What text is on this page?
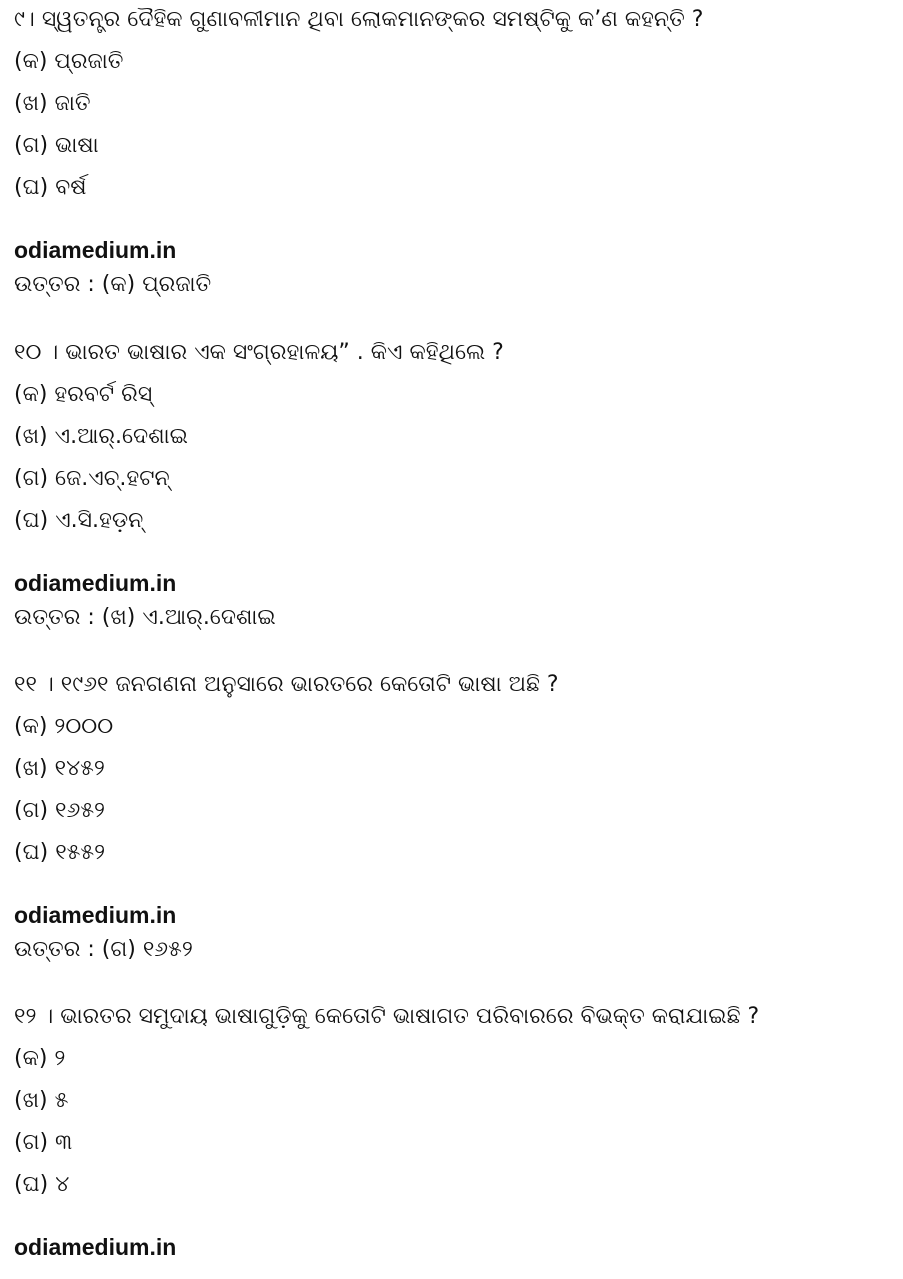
୯। ସ୍ୱତନ୍ତ୍ର ଦୈହିକ ଗୁଣାବଳୀମାନ ଥିବା ଲୋକମାନଙ୍କର ସମଷ୍ଟିକୁ କ’ଣ କହନ୍ତି ?
(କ) ପ୍ରଜାତି
(ଖ) ଜାତି
(ଗ) ଭାଷା
(ଘ) ବର୍ଷ
odiamedium.in
ଉତ୍ତର : (କ) ପ୍ରଜାତି
୧୦ । ଭାରତ ଭାଷାର ଏକ ସଂଗ୍ରହାଳୟ” . କିଏ କହିଥିଲେ ?
(କ) ହରବର୍ଟ ରିସ୍
(ଖ) ଏ.ଆର୍.ଦେଶାଇ
(ଗ) ଜେ.ଏଚ୍.ହଟନ୍
(ଘ) ଏ.ସି.ହଡ଼ନ୍
odiamedium.in
ଉତ୍ତର : (ଖ) ଏ.ଆର୍.ଦେଶାଇ
୧୧ । ୧୯୬୧ ଜନଗଣନା ଅନୁସାରେ ଭାରତରେ କେତୋଟି ଭାଷା ଅଛି ?
(କ) ୨୦୦୦
(ଖ) ୧୪୫୨
(ଗ) ୧୬୫୨
(ଘ) ୧୫୫୨
odiamedium.in
ଉତ୍ତର : (ଗ) ୧୬୫୨
୧୨ । ଭାରତର ସମୁଦାୟ ଭାଷାଗୁଡ଼ିକୁ କେତୋଟି ଭାଷାଗତ ପରିବାରରେ ବିଭକ୍ତ କରାଯାଇଛି ?
(କ) ୨
(ଖ) ୫
(ଗ) ୩
(ଘ) ୪
odiamedium.in
